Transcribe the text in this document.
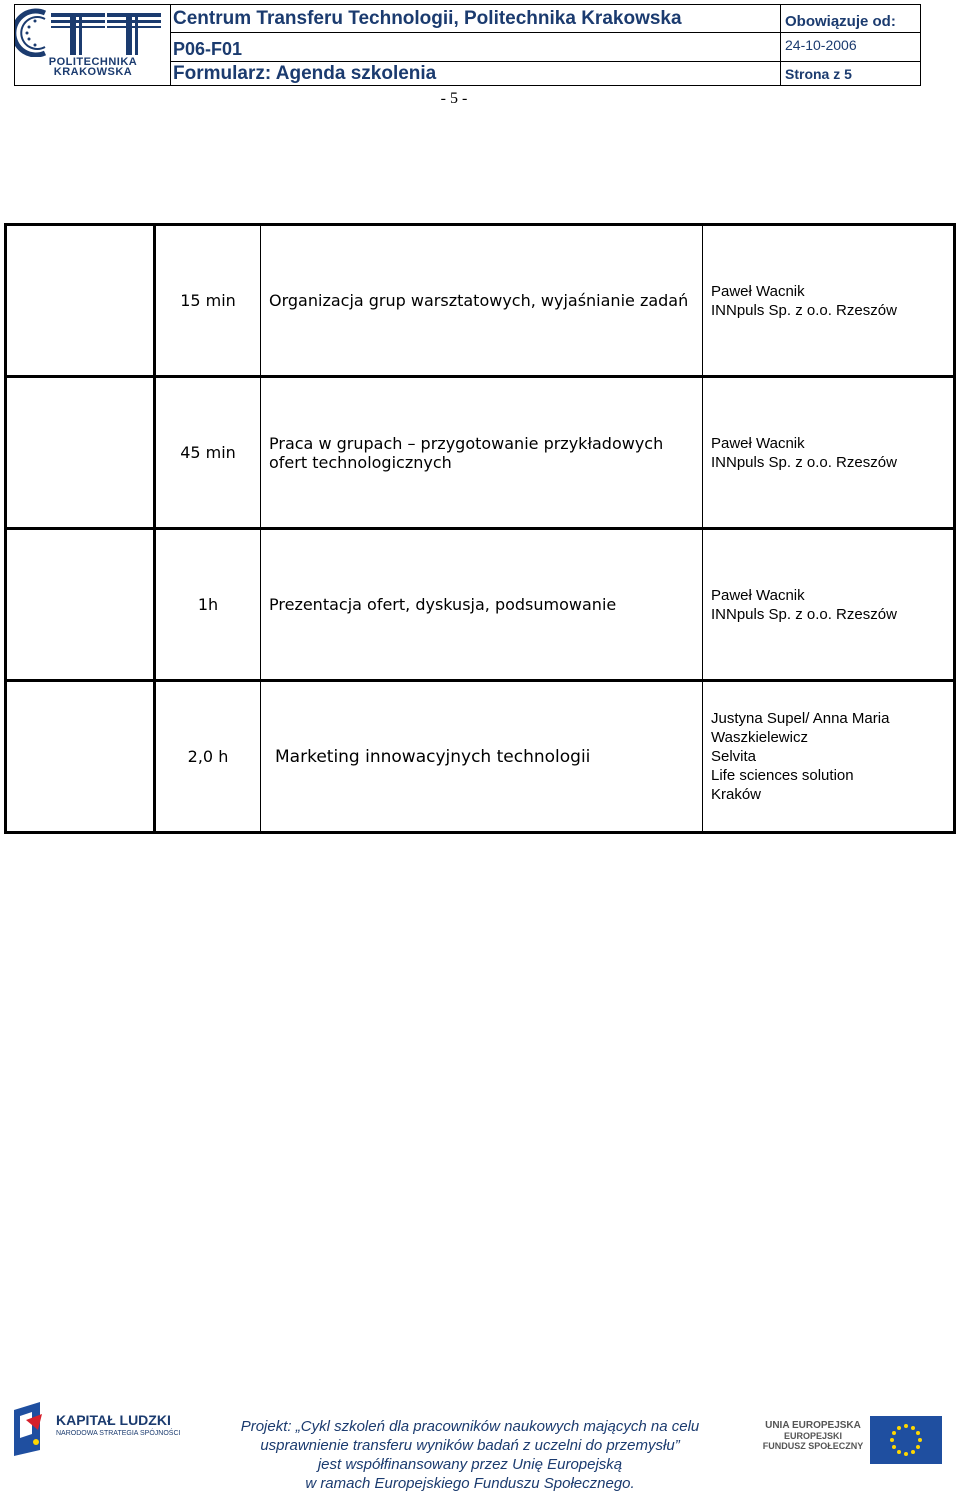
POLITECHNIKA
KRAKOWSKA
Centrum Transferu Technologii, Politechnika Krakowska	Obowiązuje od:
P06-F01	24-10-2006
Formularz: Agenda szkolenia	Strona z 5
- 5 -
	15 min	Organizacja grup warsztatowych, wyjaśnianie zadań	Paweł Wacnik
INNpuls Sp. z o.o. Rzeszów

	45 min	Praca w grupach – przygotowanie przykładowych ofert technologicznych	Paweł Wacnik
INNpuls Sp. z o.o. Rzeszów

	1h	Prezentacja ofert, dyskusja, podsumowanie	Paweł Wacnik
INNpuls Sp. z o.o. Rzeszów

	2,0 h	Marketing innowacyjnych technologii	Justyna Supel/ Anna Maria
Waszkielewicz
Selvita
Life sciences solution
Kraków
KAPITAŁ LUDZKI
NARODOWA STRATEGIA SPÓJNOŚCI	Projekt: „Cykl szkoleń dla pracowników naukowych mających na celu
usprawnienie transferu wyników badań z uczelni do przemysłu”
jest współfinansowany przez Unię Europejską
w ramach Europejskiego Funduszu Społecznego.
UNIA EUROPEJSKA
EUROPEJSKI
FUNDUSZ SPOŁECZNY
